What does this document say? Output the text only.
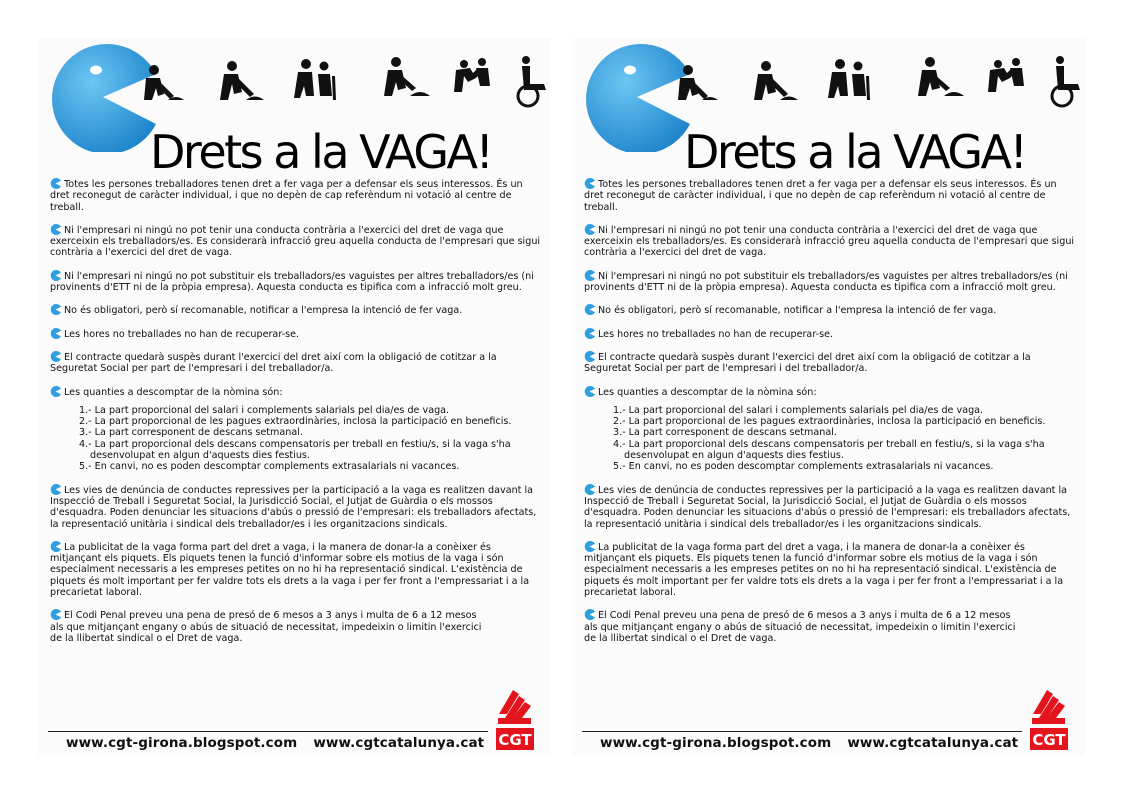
Drets a la VAGA!

Totes les persones treballadores tenen dret a fer vaga per a defensar els seus interessos. És un dret reconegut de caràcter individual, i que no depèn de cap referèndum ni votació al centre de treball.

Ni l'empresari ni ningú no pot tenir una conducta contrària a l'exercici del dret de vaga que exerceixin els treballadors/es. Es considerarà infracció greu aquella conducta de l'empresari que sigui contrària a l'exercici del dret de vaga.

Ni l'empresari ni ningú no pot substituir els treballadors/es vaguistes per altres treballadors/es (ni provinents d'ETT ni de la pròpia empresa). Aquesta conducta es tipifica com a infracció molt greu.

No és obligatori, però sí recomanable, notificar a l'empresa la intenció de fer vaga.

Les hores no treballades no han de recuperar-se.

El contracte quedarà suspès durant l'exercici del dret així com la obligació de cotitzar a la Seguretat Social per part de l'empresari i del treballador/a.

Les quanties a descomptar de la nòmina són:

1.- La part proporcional del salari i complements salarials pel dia/es de vaga.
2.- La part proporcional de les pagues extraordinàries, inclosa la participació en beneficis.
3.- La part corresponent de descans setmanal.
4.- La part proporcional dels descans compensatoris per treball en festiu/s, si la vaga s'ha desenvolupat en algun d'aquests dies festius.
5.- En canvi, no es poden descomptar complements extrasalarials ni vacances.

Les vies de denúncia de conductes repressives per la participació a la vaga es realitzen davant la Inspecció de Treball i Seguretat Social, la Jurisdicció Social, el Jutjat de Guàrdia o els mossos d'esquadra. Poden denunciar les situacions d'abús o pressió de l'empresari: els treballadors afectats, la representació unitària i sindical dels treballador/es i les organitzacions sindicals.

La publicitat de la vaga forma part del dret a vaga, i la manera de donar-la a conèixer és mitjançant els piquets. Els piquets tenen la funció d'informar sobre els motius de la vaga i són especialment necessaris a les empreses petites on no hi ha representació sindical. L'existència de piquets és molt important per fer valdre tots els drets a la vaga i per fer front a l'empressariat i a la precarietat laboral.

El Codi Penal preveu una pena de presó de 6 mesos a 3 anys i multa de 6 a 12 mesos als que mitjançant engany o abús de situació de necessitat, impedeixin o limitin l'exercici de la llibertat sindical o el Dret de vaga.

CGT
www.cgt-girona.blogspot.com www.cgtcatalunya.cat
Drets a la VAGA!

Totes les persones treballadores tenen dret a fer vaga per a defensar els seus interessos. És un dret reconegut de caràcter individual, i que no depèn de cap referèndum ni votació al centre de treball.

Ni l'empresari ni ningú no pot tenir una conducta contrària a l'exercici del dret de vaga que exerceixin els treballadors/es. Es considerarà infracció greu aquella conducta de l'empresari que sigui contrària a l'exercici del dret de vaga.

Ni l'empresari ni ningú no pot substituir els treballadors/es vaguistes per altres treballadors/es (ni provinents d'ETT ni de la pròpia empresa). Aquesta conducta es tipifica com a infracció molt greu.

No és obligatori, però sí recomanable, notificar a l'empresa la intenció de fer vaga.

Les hores no treballades no han de recuperar-se.

El contracte quedarà suspès durant l'exercici del dret així com la obligació de cotitzar a la Seguretat Social per part de l'empresari i del treballador/a.

Les quanties a descomptar de la nòmina són:

1.- La part proporcional del salari i complements salarials pel dia/es de vaga.
2.- La part proporcional de les pagues extraordinàries, inclosa la participació en beneficis.
3.- La part corresponent de descans setmanal.
4.- La part proporcional dels descans compensatoris per treball en festiu/s, si la vaga s'ha desenvolupat en algun d'aquests dies festius.
5.- En canvi, no es poden descomptar complements extrasalarials ni vacances.

Les vies de denúncia de conductes repressives per la participació a la vaga es realitzen davant la Inspecció de Treball i Seguretat Social, la Jurisdicció Social, el Jutjat de Guàrdia o els mossos d'esquadra. Poden denunciar les situacions d'abús o pressió de l'empresari: els treballadors afectats, la representació unitària i sindical dels treballador/es i les organitzacions sindicals.

La publicitat de la vaga forma part del dret a vaga, i la manera de donar-la a conèixer és mitjançant els piquets. Els piquets tenen la funció d'informar sobre els motius de la vaga i són especialment necessaris a les empreses petites on no hi ha representació sindical. L'existència de piquets és molt important per fer valdre tots els drets a la vaga i per fer front a l'empressariat i a la precarietat laboral.

El Codi Penal preveu una pena de presó de 6 mesos a 3 anys i multa de 6 a 12 mesos als que mitjançant engany o abús de situació de necessitat, impedeixin o limitin l'exercici de la llibertat sindical o el Dret de vaga.

CGT
www.cgt-girona.blogspot.com www.cgtcatalunya.cat
